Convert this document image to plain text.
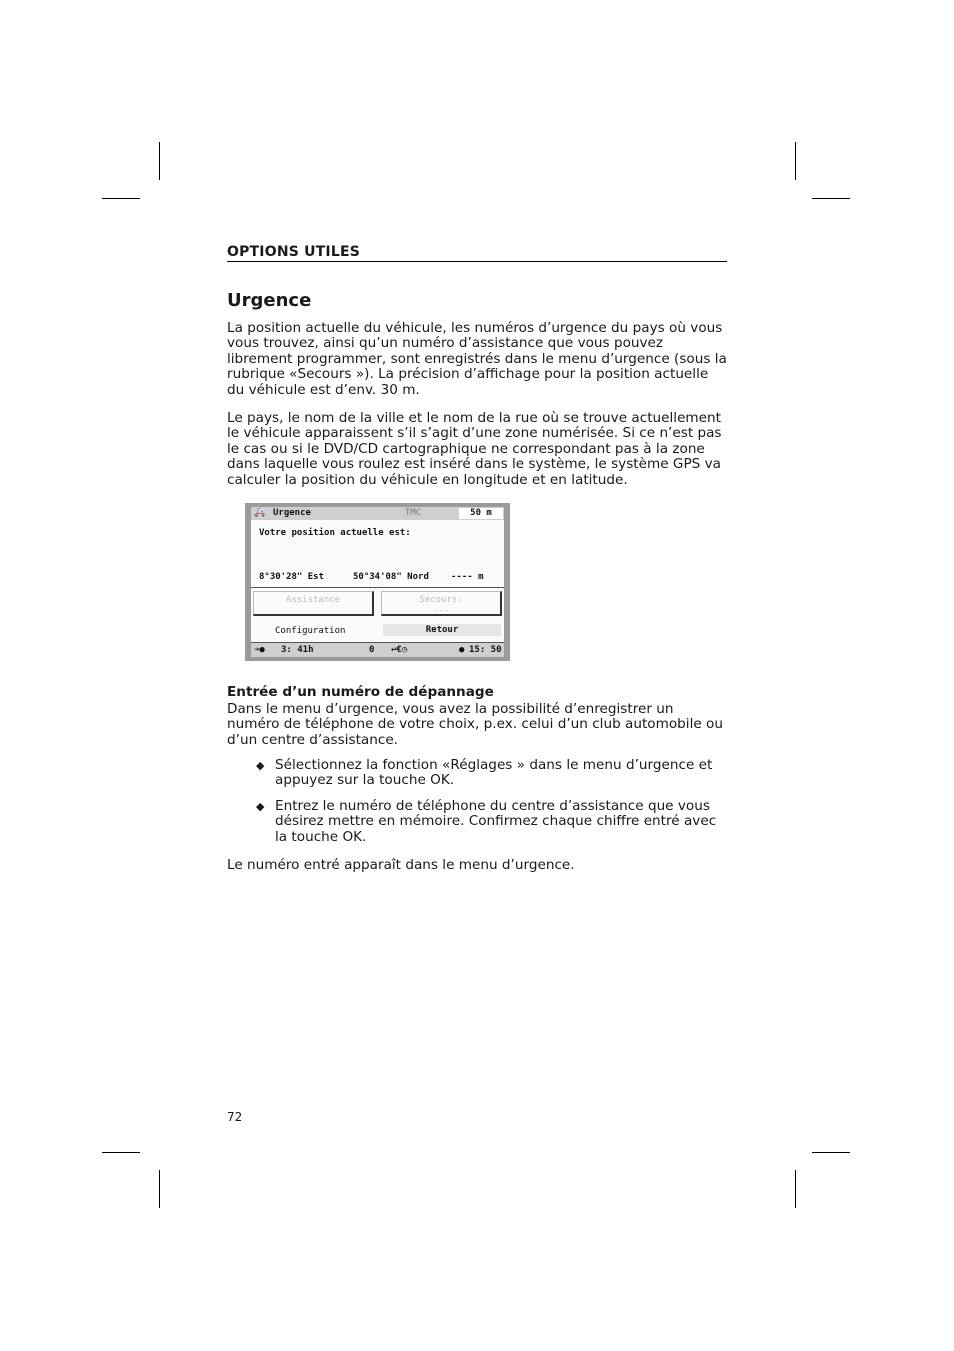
OPTIONS UTILES
Urgence

La position actuelle du véhicule, les numéros d’urgence du pays où vous vous trouvez, ainsi qu’un numéro d’assistance que vous pouvez librement programmer, sont enregistrés dans le menu d’urgence (sous la rubrique «Secours »). La précision d’affichage pour la position actuelle du véhicule est d’env. 30 m.

Le pays, le nom de la ville et le nom de la rue où se trouve actuellement le véhicule apparaissent s’il s’agit d’une zone numérisée. Si ce n’est pas le cas ou si le DVD/CD cartographique ne correspondant pas à la zone dans laquelle vous roulez est inséré dans le système, le système GPS va calculer la position du véhicule en longitude et en latitude.

🚑 Urgence	TMC	50 m
Votre position actuelle est:
8°30'28" Est	50°34'08" Nord ---- m
Assistance	Secours:
---
Configuration	Retour
➔● 3: 41h	0 ↩€◷	● 15: 50
Entrée d’un numéro de dépannage

Dans le menu d’urgence, vous avez la possibilité d’enregistrer un numéro de téléphone de votre choix, p.ex. celui d’un club automobile ou d’un centre d’assistance.

◆ Sélectionnez la fonction «Réglages » dans le menu d’urgence et appuyez sur la touche OK.
◆ Entrez le numéro de téléphone du centre d’assistance que vous désirez mettre en mémoire. Confirmez chaque chiffre entré avec la touche OK.

Le numéro entré apparaît dans le menu d’urgence.

72
